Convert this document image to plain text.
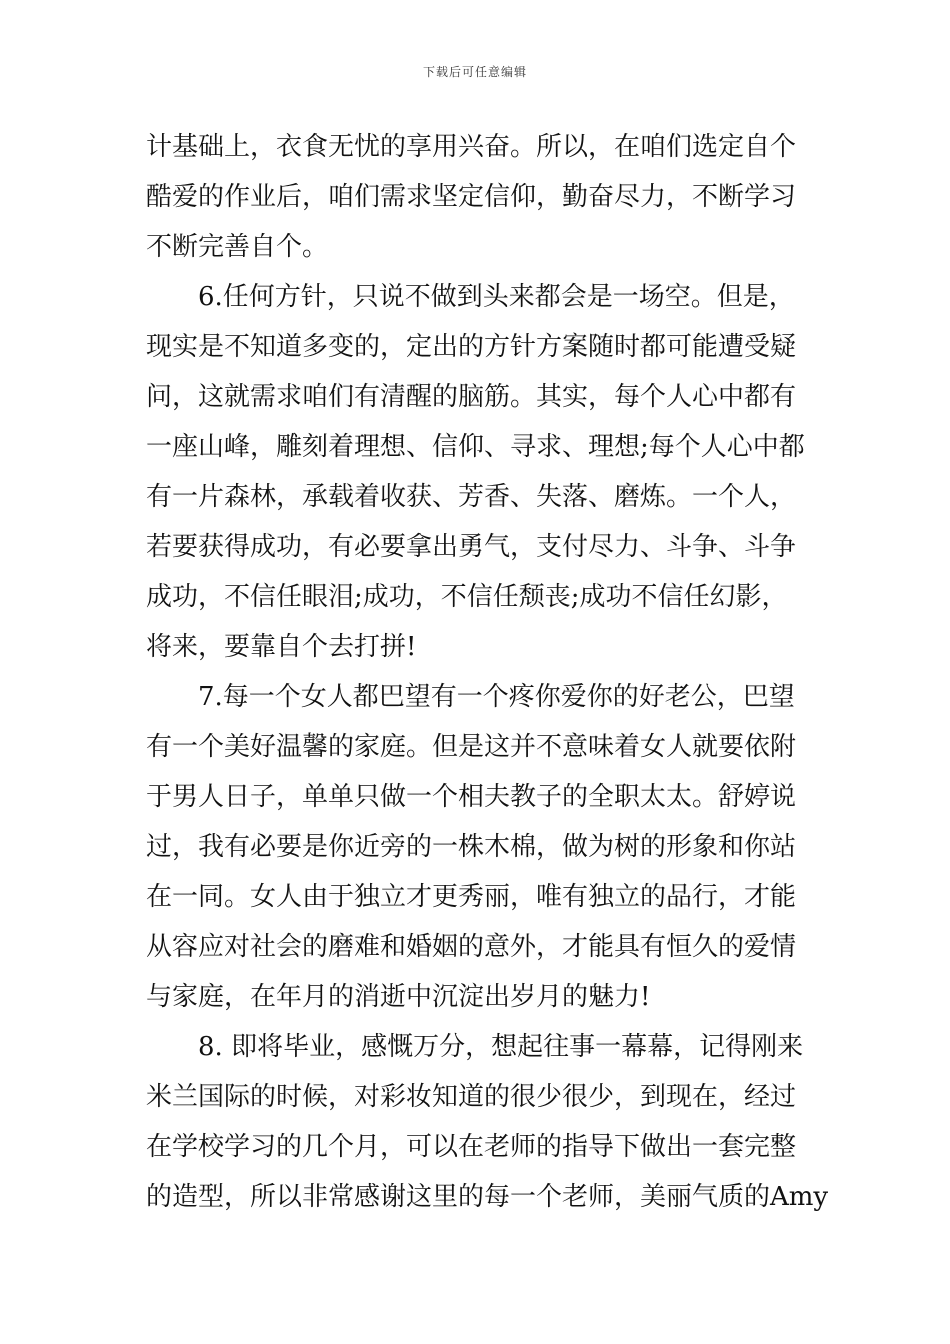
下载后可任意编辑
计基础上，衣食无忧的享用兴奋。所以，在咱们选定自个
酷爱的作业后，咱们需求坚定信仰，勤奋尽力，不断学习
不断完善自个。
6.任何方针，只说不做到头来都会是一场空。但是，
现实是不知道多变的，定出的方针方案随时都可能遭受疑
问，这就需求咱们有清醒的脑筋。其实，每个人心中都有
一座山峰，雕刻着理想、信仰、寻求、理想;每个人心中都
有一片森林，承载着收获、芳香、失落、磨炼。一个人，
若要获得成功，有必要拿出勇气，支付尽力、斗争、斗争
成功，不信任眼泪;成功，不信任颓丧;成功不信任幻影，
将来，要靠自个去打拼!
7.每一个女人都巴望有一个疼你爱你的好老公，巴望
有一个美好温馨的家庭。但是这并不意味着女人就要依附
于男人日子，单单只做一个相夫教子的全职太太。舒婷说
过，我有必要是你近旁的一株木棉，做为树的形象和你站
在一同。女人由于独立才更秀丽，唯有独立的品行，才能
从容应对社会的磨难和婚姻的意外，才能具有恒久的爱情
与家庭，在年月的消逝中沉淀出岁月的魅力!
8. 即将毕业，感慨万分，想起往事一幕幕，记得刚来
米兰国际的时候，对彩妆知道的很少很少，到现在，经过
在学校学习的几个月，可以在老师的指导下做出一套完整
的造型，所以非常感谢这里的每一个老师，美丽气质的Amy
